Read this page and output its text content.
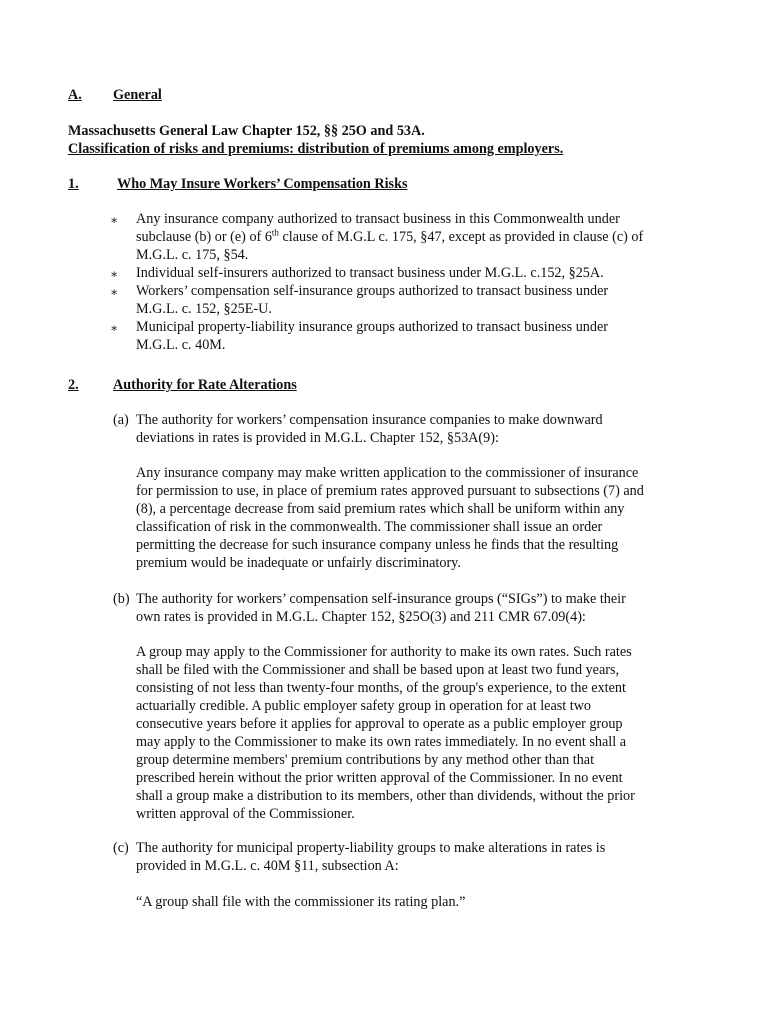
A. General
Massachusetts General Law Chapter 152, §§ 25O and 53A.
Classification of risks and premiums: distribution of premiums among employers.
1.	Who May Insure Workers’ Compensation Risks
∗ Any insurance company authorized to transact business in this Commonwealth under
subclause (b) or (e) of 6th clause of M.G.L c. 175, §47, except as provided in clause (c) of
M.G.L. c. 175, §54.
∗ Individual self-insurers authorized to transact business under M.G.L. c.152, §25A.
∗ Workers’ compensation self-insurance groups authorized to transact business under
M.G.L. c. 152, §25E-U.
∗ Municipal property-liability insurance groups authorized to transact business under
M.G.L. c. 40M.
2. Authority for Rate Alterations
(a) The authority for workers’ compensation insurance companies to make downward
deviations in rates is provided in M.G.L. Chapter 152, §53A(9):
Any insurance company may make written application to the commissioner of insurance
for permission to use, in place of premium rates approved pursuant to subsections (7) and
(8), a percentage decrease from said premium rates which shall be uniform within any
classification of risk in the commonwealth. The commissioner shall issue an order
permitting the decrease for such insurance company unless he finds that the resulting
premium would be inadequate or unfairly discriminatory.
(b) The authority for workers’ compensation self-insurance groups (“SIGs”) to make their
own rates is provided in M.G.L. Chapter 152, §25O(3) and 211 CMR 67.09(4):
A group may apply to the Commissioner for authority to make its own rates. Such rates
shall be filed with the Commissioner and shall be based upon at least two fund years,
consisting of not less than twenty-four months, of the group's experience, to the extent
actuarially credible. A public employer safety group in operation for at least two
consecutive years before it applies for approval to operate as a public employer group
may apply to the Commissioner to make its own rates immediately. In no event shall a
group determine members' premium contributions by any method other than that
prescribed herein without the prior written approval of the Commissioner. In no event
shall a group make a distribution to its members, other than dividends, without the prior
written approval of the Commissioner.
(c) The authority for municipal property-liability groups to make alterations in rates is
provided in M.G.L. c. 40M §11, subsection A:
“A group shall file with the commissioner its rating plan.”
